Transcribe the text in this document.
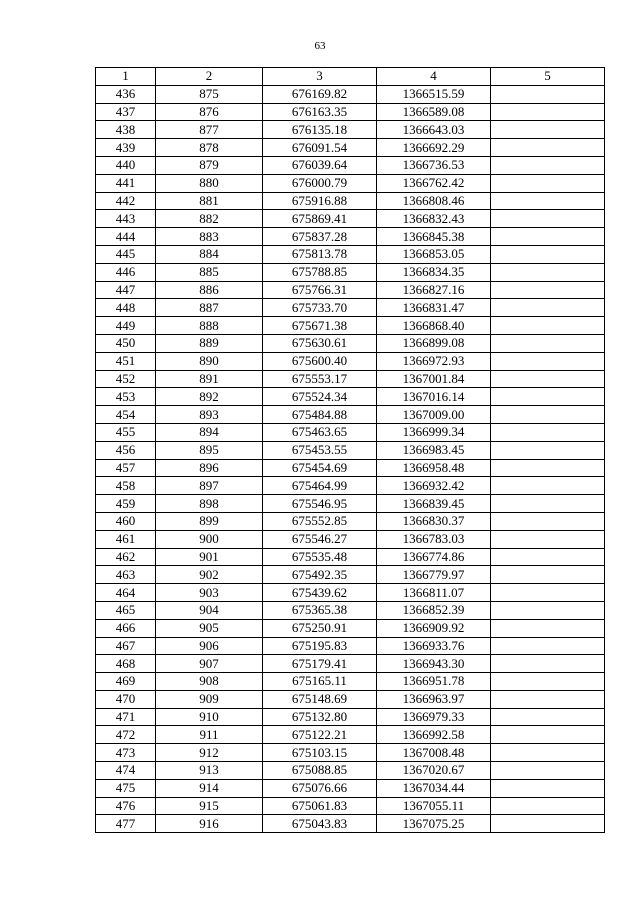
63
1	2	3	4	5
436	875	676169.82	1366515.59	
437	876	676163.35	1366589.08	
438	877	676135.18	1366643.03	
439	878	676091.54	1366692.29	
440	879	676039.64	1366736.53	
441	880	676000.79	1366762.42	
442	881	675916.88	1366808.46	
443	882	675869.41	1366832.43	
444	883	675837.28	1366845.38	
445	884	675813.78	1366853.05	
446	885	675788.85	1366834.35	
447	886	675766.31	1366827.16	
448	887	675733.70	1366831.47	
449	888	675671.38	1366868.40	
450	889	675630.61	1366899.08	
451	890	675600.40	1366972.93	
452	891	675553.17	1367001.84	
453	892	675524.34	1367016.14	
454	893	675484.88	1367009.00	
455	894	675463.65	1366999.34	
456	895	675453.55	1366983.45	
457	896	675454.69	1366958.48	
458	897	675464.99	1366932.42	
459	898	675546.95	1366839.45	
460	899	675552.85	1366830.37	
461	900	675546.27	1366783.03	
462	901	675535.48	1366774.86	
463	902	675492.35	1366779.97	
464	903	675439.62	1366811.07	
465	904	675365.38	1366852.39	
466	905	675250.91	1366909.92	
467	906	675195.83	1366933.76	
468	907	675179.41	1366943.30	
469	908	675165.11	1366951.78	
470	909	675148.69	1366963.97	
471	910	675132.80	1366979.33	
472	911	675122.21	1366992.58	
473	912	675103.15	1367008.48	
474	913	675088.85	1367020.67	
475	914	675076.66	1367034.44	
476	915	675061.83	1367055.11	
477	916	675043.83	1367075.25	
